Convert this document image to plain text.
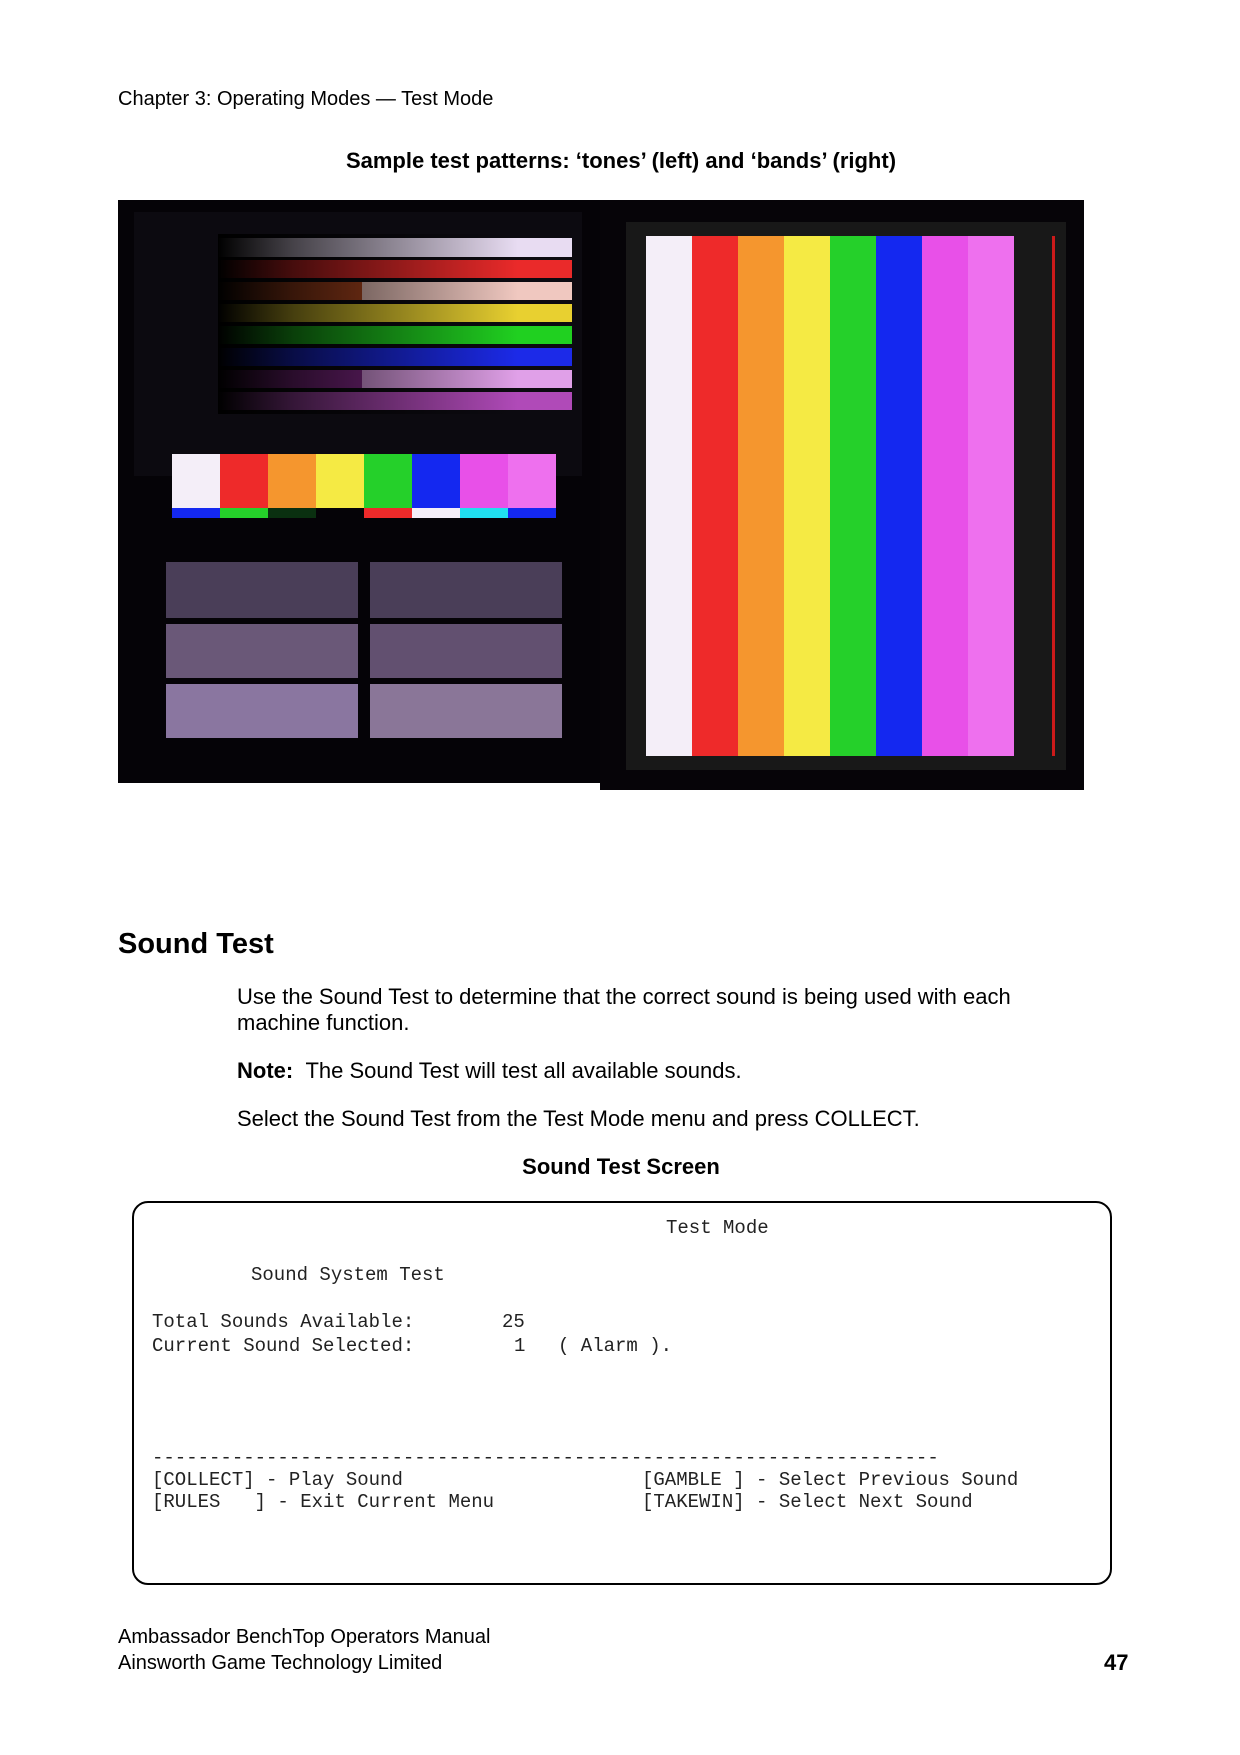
Chapter 3: Operating Modes — Test Mode
Sample test patterns: ‘tones’ (left) and ‘bands’ (right)
Sound Test
Use the Sound Test to determine that the correct sound is being used with each machine function.
Note: The Sound Test will test all available sounds.
Select the Sound Test from the Test Mode menu and press COLLECT.
Sound Test Screen
Test Mode
Sound System Test
Total Sounds Available:	25
Current Sound Selected:	1 ( Alarm ).
---------------------------------------------------------------------
[COLLECT] - Play Sound
[RULES   ] - Exit Current Menu
[GAMBLE ] - Select Previous Sound
[TAKEWIN] - Select Next Sound
Ambassador BenchTop Operators Manual
Ainsworth Game Technology Limited	47
